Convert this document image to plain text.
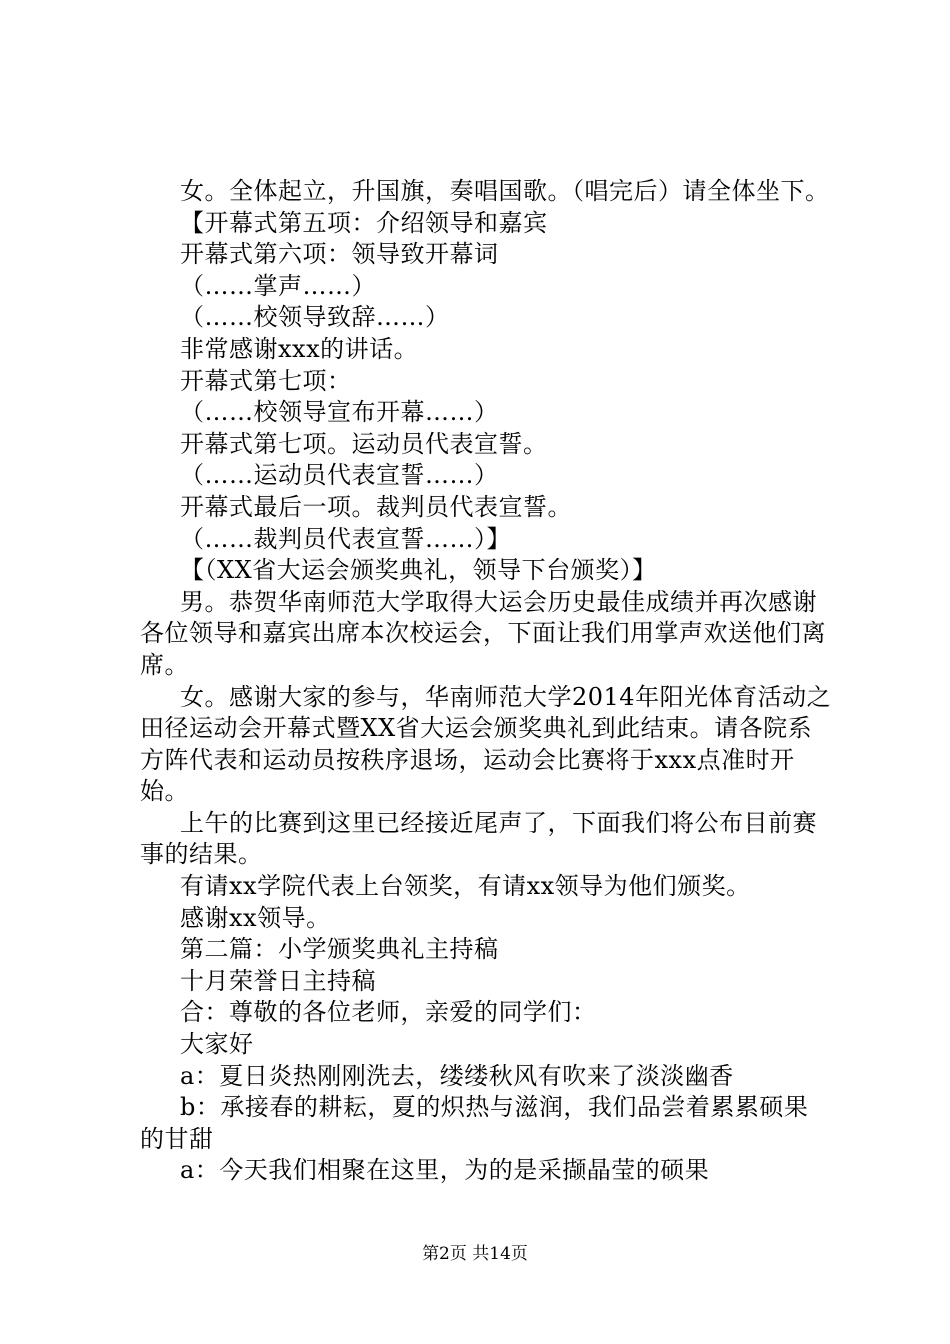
女。全体起立，升国旗，奏唱国歌。（唱完后）请全体坐下。

【开幕式第五项：介绍领导和嘉宾

开幕式第六项：领导致开幕词

（……掌声……）

（……校领导致辞……）

非常感谢xxx的讲话。

开幕式第七项：

（……校领导宣布开幕……）

开幕式第七项。运动员代表宣誓。

（……运动员代表宣誓……）

开幕式最后一项。裁判员代表宣誓。

（……裁判员代表宣誓……）】

【（XX省大运会颁奖典礼，领导下台颁奖）】

男。恭贺华南师范大学取得大运会历史最佳成绩并再次感谢各位领导和嘉宾出席本次校运会，下面让我们用掌声欢送他们离席。

女。感谢大家的参与，华南师范大学2014年阳光体育活动之田径运动会开幕式暨XX省大运会颁奖典礼到此结束。请各院系方阵代表和运动员按秩序退场，运动会比赛将于xxx点准时开始。

上午的比赛到这里已经接近尾声了，下面我们将公布目前赛事的结果。

有请xx学院代表上台领奖，有请xx领导为他们颁奖。

感谢xx领导。

第二篇：小学颁奖典礼主持稿

十月荣誉日主持稿

合：尊敬的各位老师，亲爱的同学们：

大家好

a：夏日炎热刚刚洗去，缕缕秋风有吹来了淡淡幽香

b：承接春的耕耘，夏的炽热与滋润，我们品尝着累累硕果的甘甜

a：今天我们相聚在这里，为的是采撷晶莹的硕果

第2页 共14页
